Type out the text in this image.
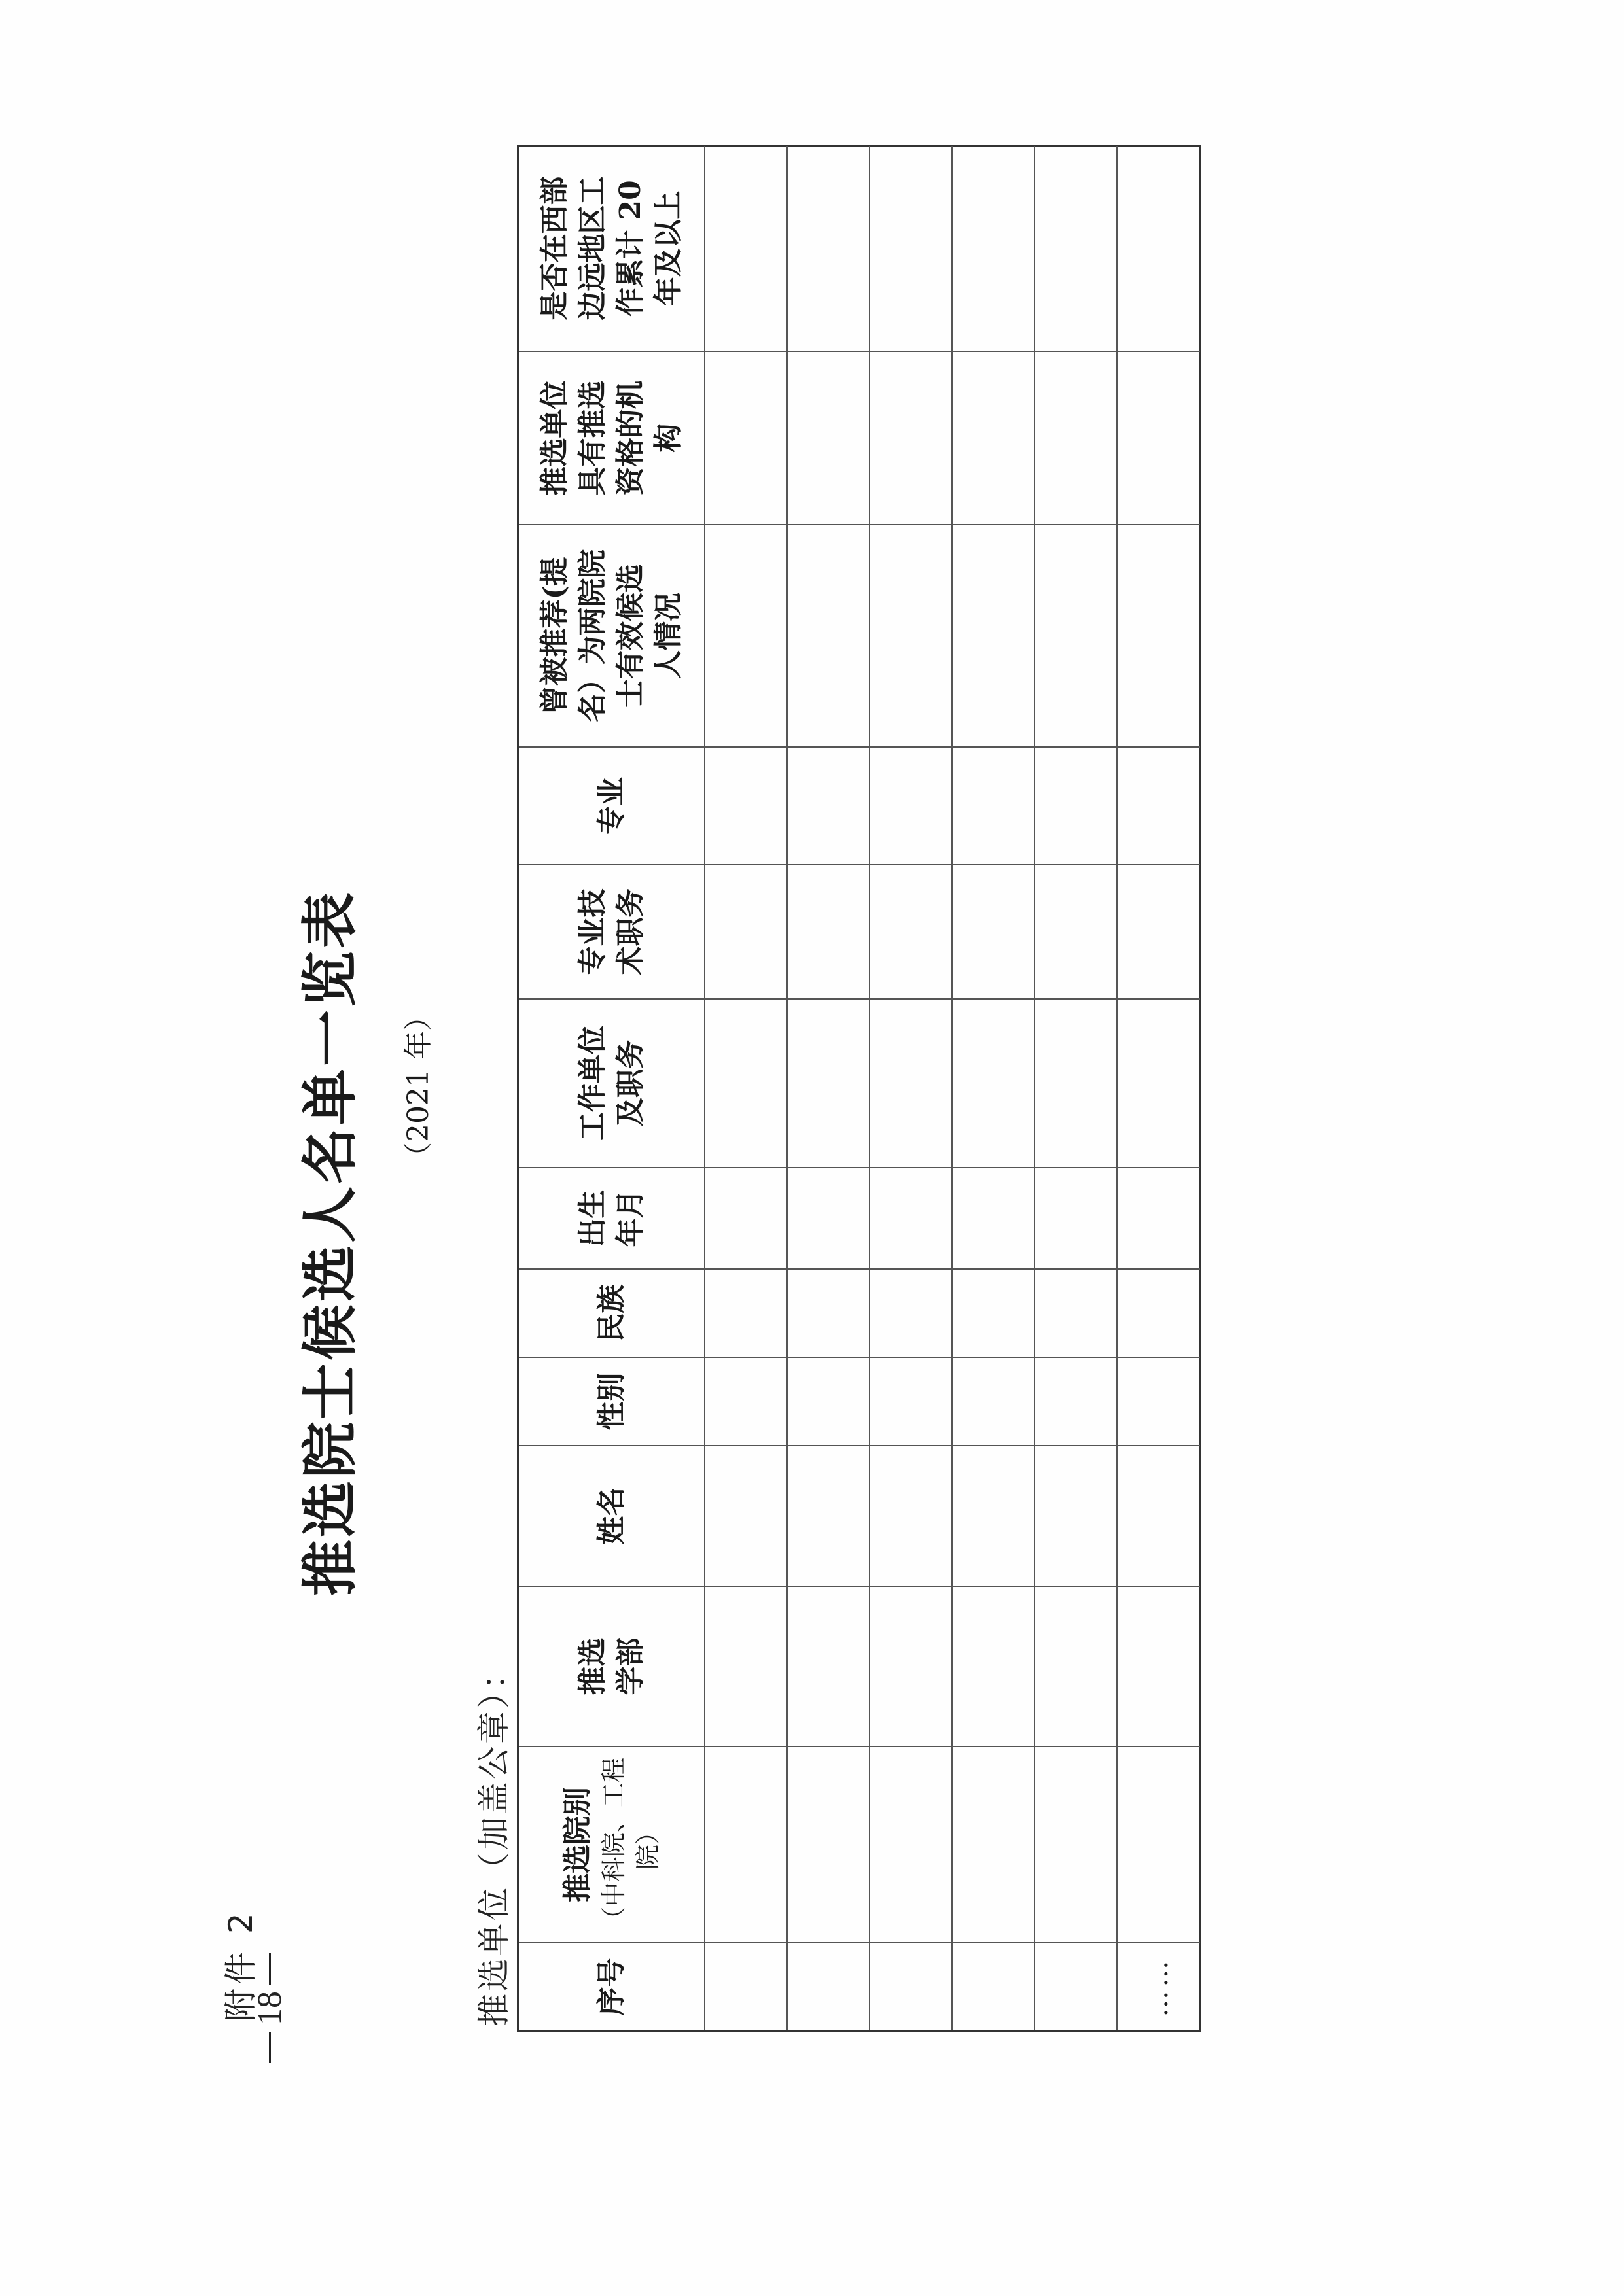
18
附件 2
推选院士候选人名单一览表 （2021 年）
推选单位（加盖公章）：	序号
推选院别 （中科院、工程院）
推选
学部
姓名
性别
民族
出生
年月
工作单位
及职务
专业技
术职务
专业
曾被推荐(提
名）为两院院
士有效候选
人情况
推选单位
具有推选
资格的机
构
是否在西部
边远地区工
作累计 20
年及以上
……
